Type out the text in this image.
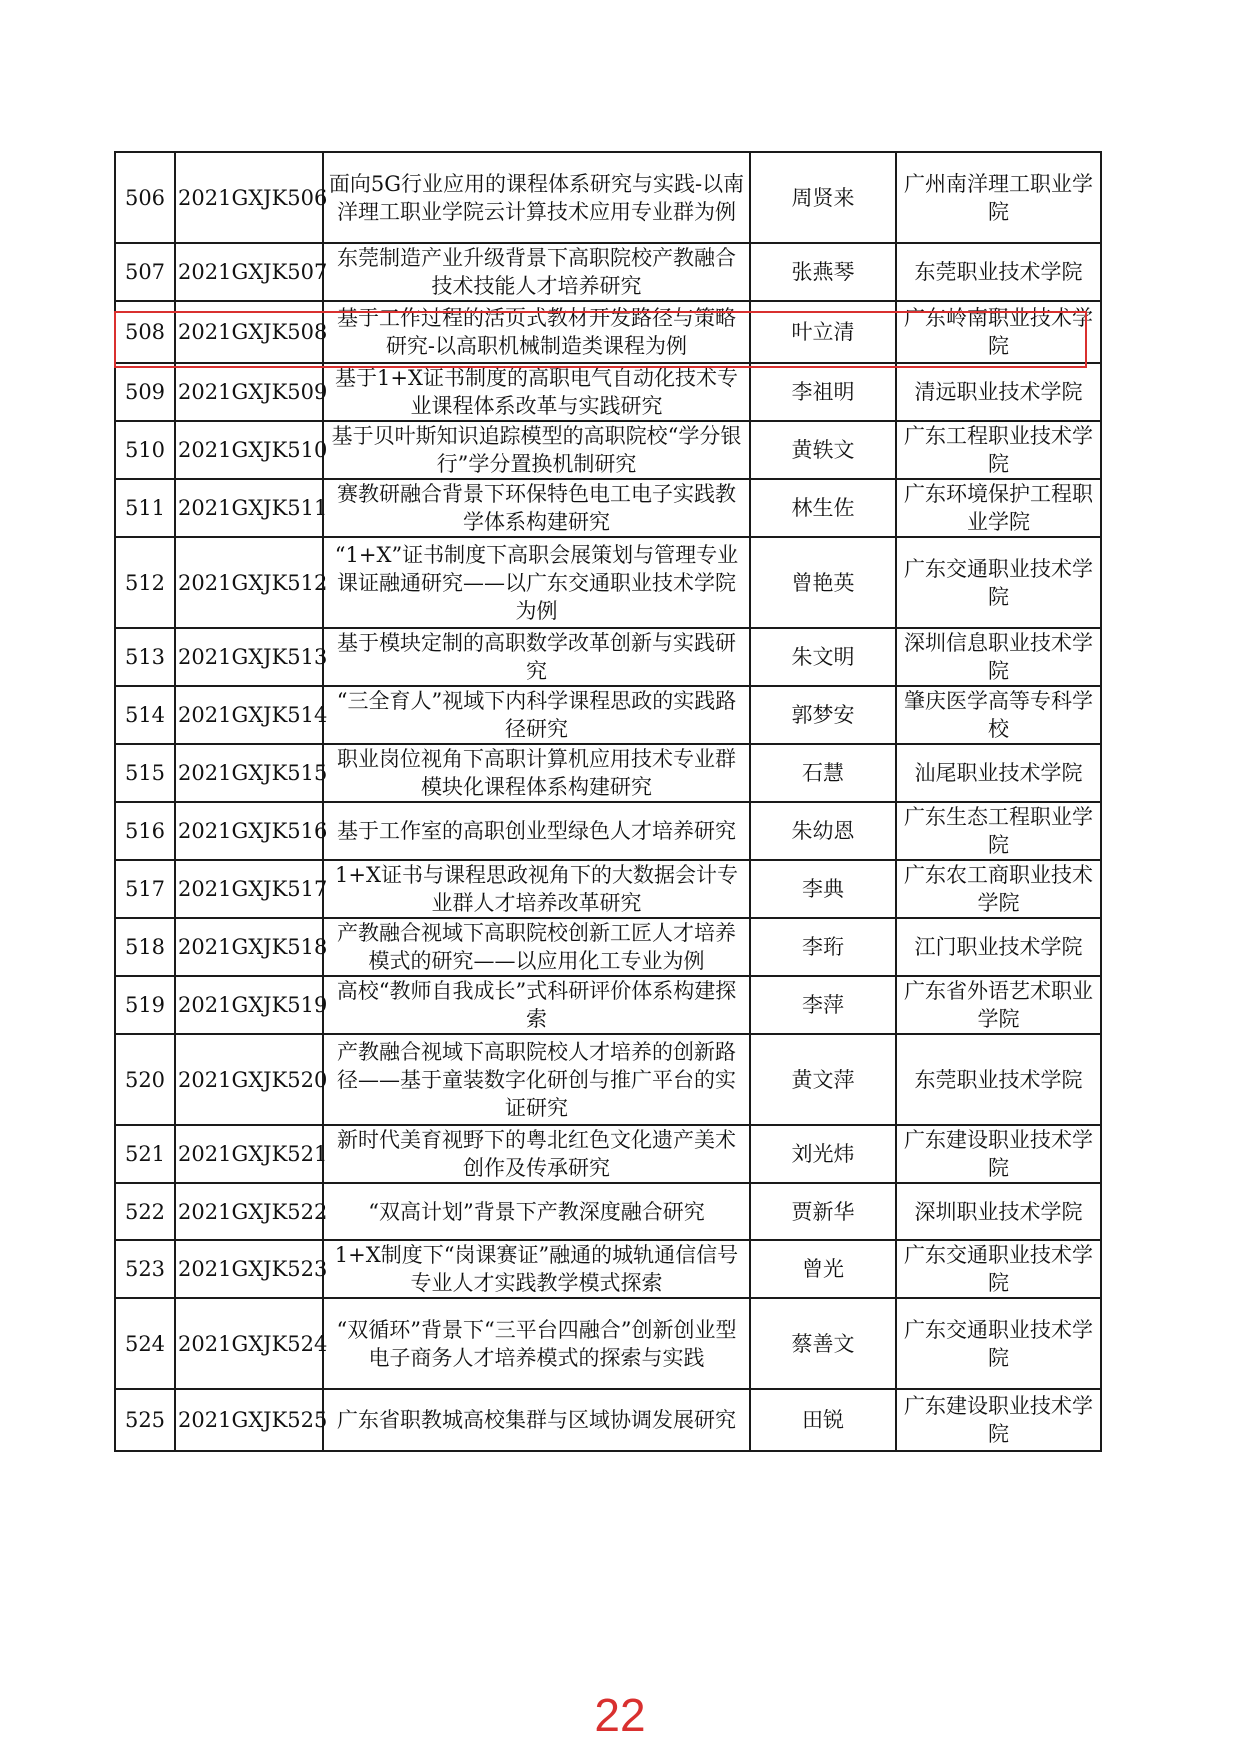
506	2021GXJK506	面向5G行业应用的课程体系研究与实践-以南洋理工职业学院云计算技术应用专业群为例	周贤来	广州南洋理工职业学院
507	2021GXJK507	东莞制造产业升级背景下高职院校产教融合技术技能人才培养研究	张燕琴	东莞职业技术学院
508	2021GXJK508	基于工作过程的活页式教材开发路径与策略研究-以高职机械制造类课程为例	叶立清	广东岭南职业技术学院
509	2021GXJK509	基于1+X证书制度的高职电气自动化技术专业课程体系改革与实践研究	李祖明	清远职业技术学院
510	2021GXJK510	基于贝叶斯知识追踪模型的高职院校“学分银行”学分置换机制研究	黄轶文	广东工程职业技术学院
511	2021GXJK511	赛教研融合背景下环保特色电工电子实践教学体系构建研究	林生佐	广东环境保护工程职业学院
512	2021GXJK512	“1+X”证书制度下高职会展策划与管理专业课证融通研究——以广东交通职业技术学院为例	曾艳英	广东交通职业技术学院
513	2021GXJK513	基于模块定制的高职数学改革创新与实践研究	朱文明	深圳信息职业技术学院
514	2021GXJK514	“三全育人”视域下内科学课程思政的实践路径研究	郭梦安	肇庆医学高等专科学校
515	2021GXJK515	职业岗位视角下高职计算机应用技术专业群模块化课程体系构建研究	石慧	汕尾职业技术学院
516	2021GXJK516	基于工作室的高职创业型绿色人才培养研究	朱幼恩	广东生态工程职业学院
517	2021GXJK517	1+X证书与课程思政视角下的大数据会计专业群人才培养改革研究	李典	广东农工商职业技术学院
518	2021GXJK518	产教融合视域下高职院校创新工匠人才培养模式的研究——以应用化工专业为例	李珩	江门职业技术学院
519	2021GXJK519	高校“教师自我成长”式科研评价体系构建探索	李萍	广东省外语艺术职业学院
520	2021GXJK520	产教融合视域下高职院校人才培养的创新路径——基于童装数字化研创与推广平台的实证研究	黄文萍	东莞职业技术学院
521	2021GXJK521	新时代美育视野下的粤北红色文化遗产美术创作及传承研究	刘光炜	广东建设职业技术学院
522	2021GXJK522	“双高计划”背景下产教深度融合研究	贾新华	深圳职业技术学院
523	2021GXJK523	1+X制度下“岗课赛证”融通的城轨通信信号专业人才实践教学模式探索	曾光	广东交通职业技术学院
524	2021GXJK524	“双循环”背景下“三平台四融合”创新创业型电子商务人才培养模式的探索与实践	蔡善文	广东交通职业技术学院
525	2021GXJK525	广东省职教城高校集群与区域协调发展研究	田锐	广东建设职业技术学院
22
